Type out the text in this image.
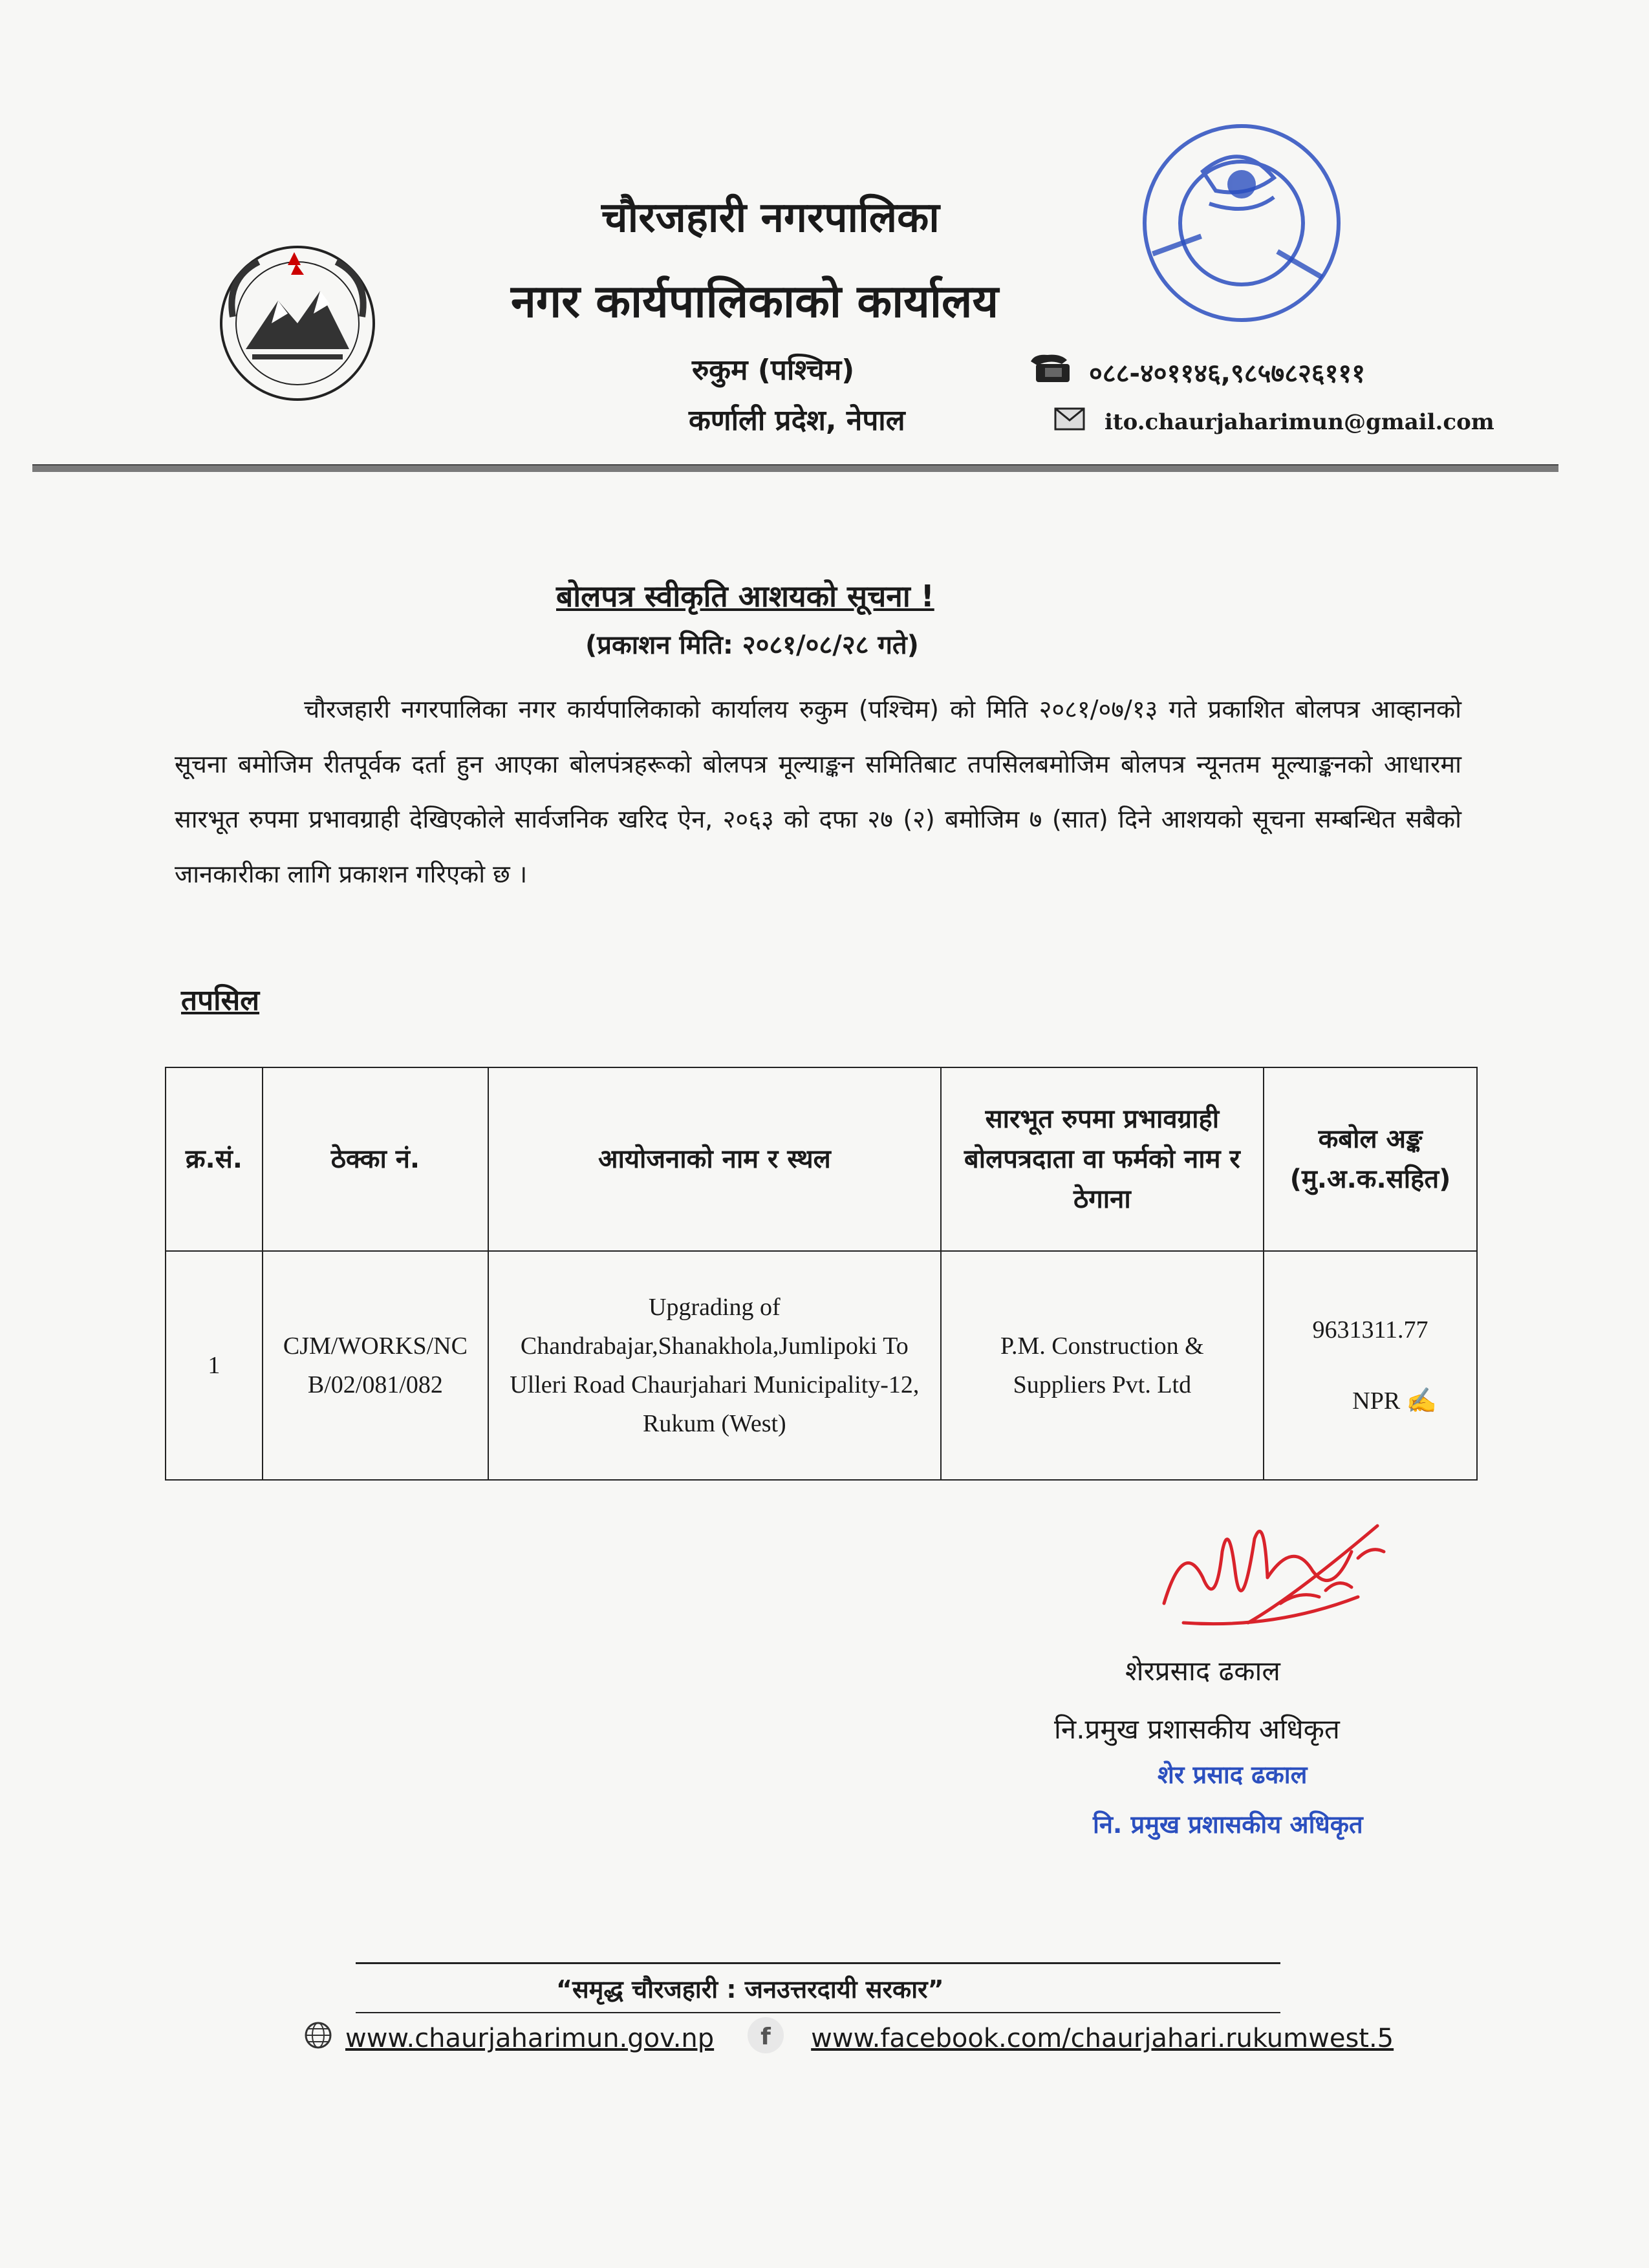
चौरजहारी नगरपालिका
नगर कार्यपालिकाको कार्यालय
रुकुम (पश्चिम)
कर्णाली प्रदेश, नेपाल
०८८-४०११४६,९८५७८२६१११
ito.chaurjaharimun@gmail.com
बोलपत्र स्वीकृति आशयको सूचना !
(प्रकाशन मिति: २०८१/०८/२८ गते)
चौरजहारी नगरपालिका नगर कार्यपालिकाको कार्यालय रुकुम (पश्चिम) को मिति २०८१/०७/१३ गते प्रकाशित बोलपत्र आव्हानको सूचना बमोजिम रीतपूर्वक दर्ता हुन आएका बोलपंत्रहरूको बोलपत्र मूल्याङ्कन समितिबाट तपसिलबमोजिम बोलपत्र न्यूनतम मूल्याङ्कनको आधारमा सारभूत रुपमा प्रभावग्राही देखिएकोले सार्वजनिक खरिद ऐन, २०६३ को दफा २७ (२) बमोजिम ७ (सात) दिने आशयको सूचना सम्बन्धित सबैको जानकारीका लागि प्रकाशन गरिएको छ ।
तपसिल
क्र.सं.	ठेक्का नं.	आयोजनाको नाम र स्थल	सारभूत रुपमा प्रभावग्राही बोलपत्रदाता वा फर्मको नाम र ठेगाना	कबोल अङ्क (मु.अ.क.सहित)
1	CJM/WORKS/NCB/02/081/082	Upgrading of Chandrabajar,Shanakhola,Jumlipoki To Ulleri Road Chaurjahari Municipality-12, Rukum (West)	P.M. Construction & Suppliers Pvt. Ltd	9631311.77
NPR ✍
शेरप्रसाद ढकाल
नि.प्रमुख प्रशासकीय अधिकृत
शेर प्रसाद ढकाल
नि. प्रमुख प्रशासकीय अधिकृत
“समृद्ध चौरजहारी : जनउत्तरदायी सरकार”
www.chaurjaharimun.gov.np f www.facebook.com/chaurjahari.rukumwest.5
